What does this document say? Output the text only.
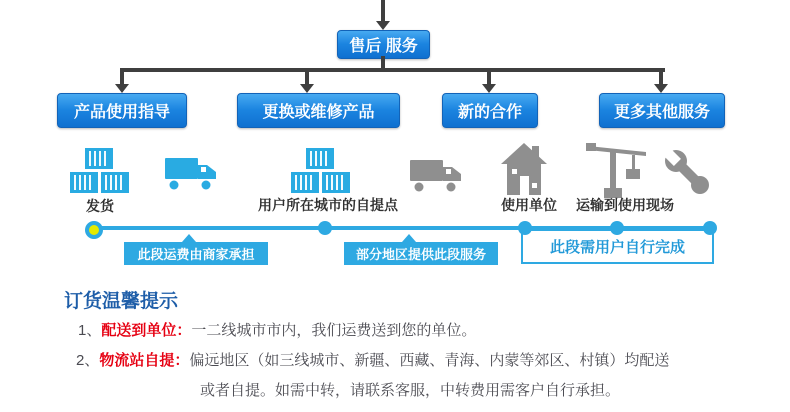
售后 服务
产品使用指导	更换或维修产品	新的合作	更多其他服务
发货	用户所在城市的自提点	使用单位 运输到使用现场
此段运费由商家承担	部分地区提供此段服务	此段需用户自行完成
订货温馨提示
1、配送到单位：一二线城市市内，我们运费送到您的单位。
2、物流站自提：偏远地区（如三线城市、新疆、西藏、青海、内蒙等郊区、村镇）均配送
或者自提。如需中转，请联系客服，中转费用需客户自行承担。
